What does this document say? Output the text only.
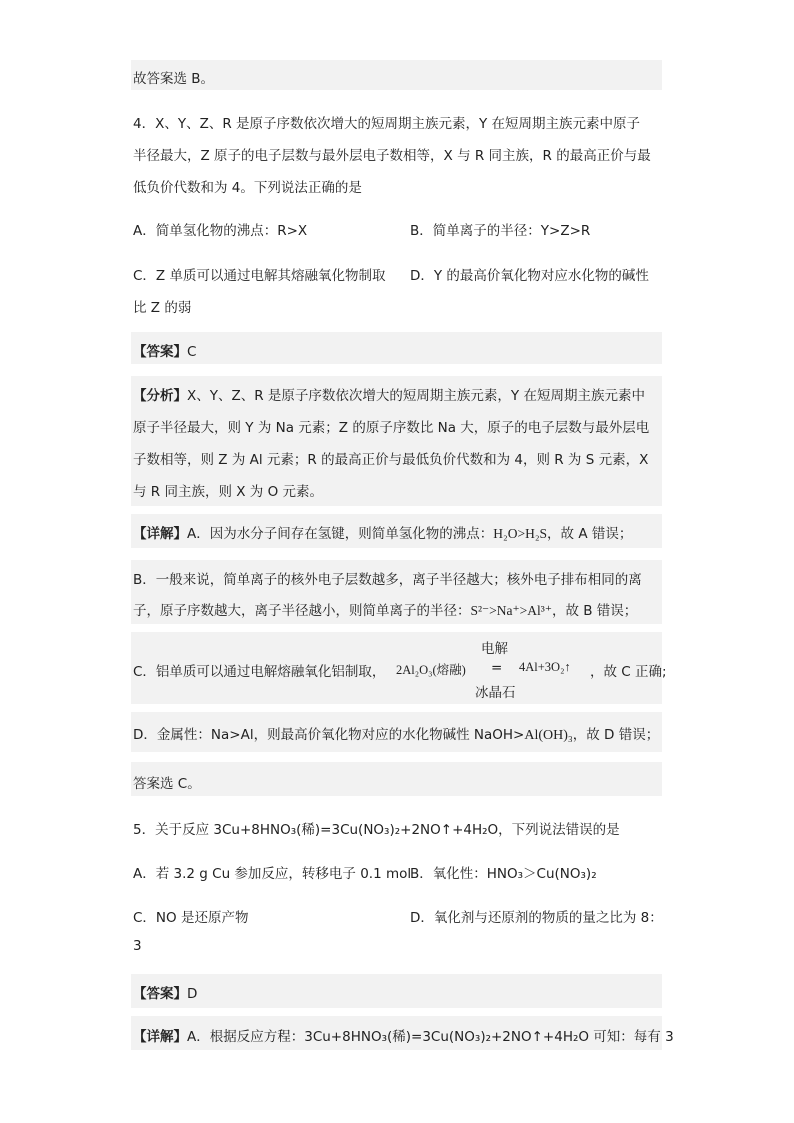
故答案选 B。
4．X、Y、Z、R 是原子序数依次增大的短周期主族元素，Y 在短周期主族元素中原子
半径最大，Z 原子的电子层数与最外层电子数相等，X 与 R 同主族，R 的最高正价与最
低负价代数和为 4。下列说法正确的是
A．简单氢化物的沸点：R>X	B．简单离子的半径：Y>Z>R
C．Z 单质可以通过电解其熔融氧化物制取 D．Y 的最高价氧化物对应水化物的碱性
比 Z 的弱
【答案】C
【分析】X、Y、Z、R 是原子序数依次增大的短周期主族元素，Y 在短周期主族元素中
原子半径最大，则 Y 为 Na 元素；Z 的原子序数比 Na 大，原子的电子层数与最外层电
子数相等，则 Z 为 Al 元素；R 的最高正价与最低负价代数和为 4，则 R 为 S 元素，X
与 R 同主族，则 X 为 O 元素。
【详解】A．因为水分子间存在氢键，则简单氢化物的沸点：H₂O>H₂S，故 A 错误；
B．一般来说，简单离子的核外电子层数越多，离子半径越大；核外电子排布相同的离
子，原子序数越大，离子半径越小，则简单离子的半径：S²⁻>Na⁺>Al³⁺，故 B 错误；
C．铝单质可以通过电解熔融氧化铝制取， 2Al₂O₃(熔融)
电解
=
冰晶石
4Al+3O₂↑ ，故 C 正确;
D．金属性：Na>Al，则最高价氧化物对应的水化物碱性 NaOH>Al(OH)₃，故 D 错误；
答案选 C。
5．关于反应 3Cu+8HNO₃(稀)=3Cu(NO₃)₂+2NO↑+4H₂O，下列说法错误的是
A．若 3.2 g Cu 参加反应，转移电子 0.1 mol
B．氧化性：HNO₃＞Cu(NO₃)₂
C．NO 是还原产物	D．氧化剂与还原剂的物质的量之比为 8：
3
【答案】D
【详解】A．根据反应方程：3Cu+8HNO₃(稀)=3Cu(NO₃)₂+2NO↑+4H₂O 可知：每有 3
